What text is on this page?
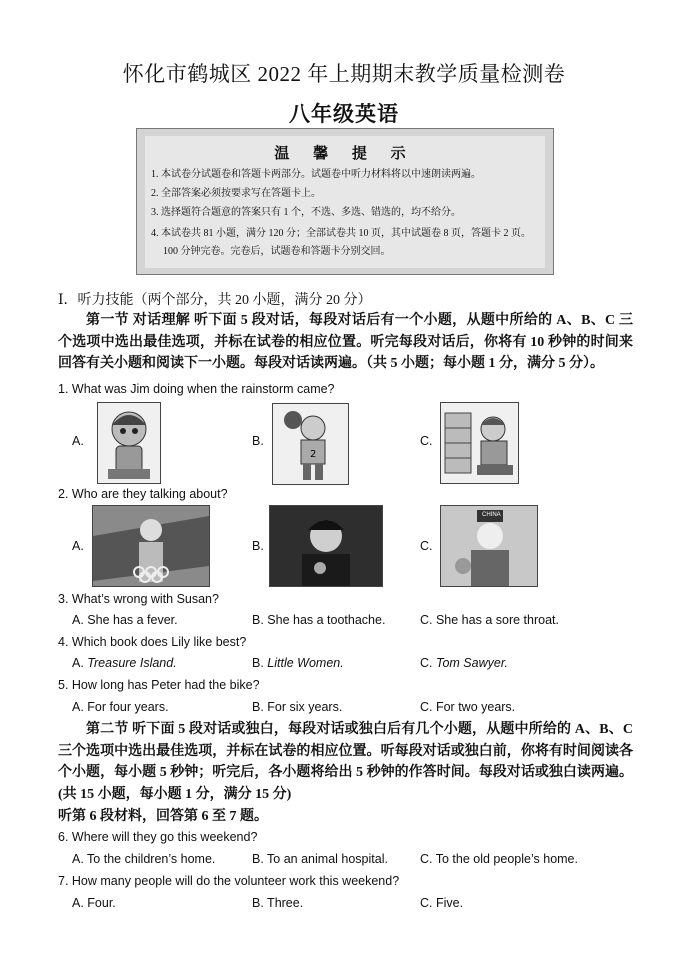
怀化市鹤城区 2022 年上期期末教学质量检测卷
八年级英语
温 馨 提 示
1. 本试卷分试题卷和答题卡两部分。试题卷中听力材料将以中速朗读两遍。
2. 全部答案必须按要求写在答题卡上。
3. 选择题符合题意的答案只有 1 个，不选、多选、错选的，均不给分。
4. 本试卷共 81 小题，满分 120 分；全部试卷共 10 页，其中试题卷 8 页，答题卡 2 页。100 分钟完卷。完卷后，试题卷和答题卡分别交回。
Ⅰ．听力技能（两个部分，共 20 小题，满分 20 分）
第一节 对话理解 听下面 5 段对话，每段对话后有一个小题，从题中所给的 A、B、C 三个选项中选出最佳选项，并标在试卷的相应位置。听完每段对话后，你将有 10 秒钟的时间来回答有关小题和阅读下一小题。每段对话读两遍。（共 5 小题；每小题 1 分，满分 5 分）。
1. What was Jim doing when the rainstorm came?
A.	B.
2
C.
2. Who are they talking about?
A.	B.	C.
CHINA
3. What’s wrong with Susan?
A. She has a fever.	B. She has a toothache.	C. She has a sore throat.
4. Which book does Lily like best?
A. Treasure Island.	B. Little Women.	C. Tom Sawyer.
5. How long has Peter had the bike?
A. For four years.	B. For six years.	C. For two years.
第二节 听下面 5 段对话或独白，每段对话或独白后有几个小题，从题中所给的 A、B、C 三个选项中选出最佳选项，并标在试卷的相应位置。听每段对话或独白前，你将有时间阅读各个小题，每小题 5 秒钟；听完后，各小题将给出 5 秒钟的作答时间。每段对话或独白读两遍。(共 15 小题，每小题 1 分，满分 15 分)
听第 6 段材料，回答第 6 至 7 题。
6. Where will they go this weekend?
A. To the children’s home.	B. To an animal hospital.	C. To the old people’s home.
7. How many people will do the volunteer work this weekend?
A. Four.	B. Three.	C. Five.
